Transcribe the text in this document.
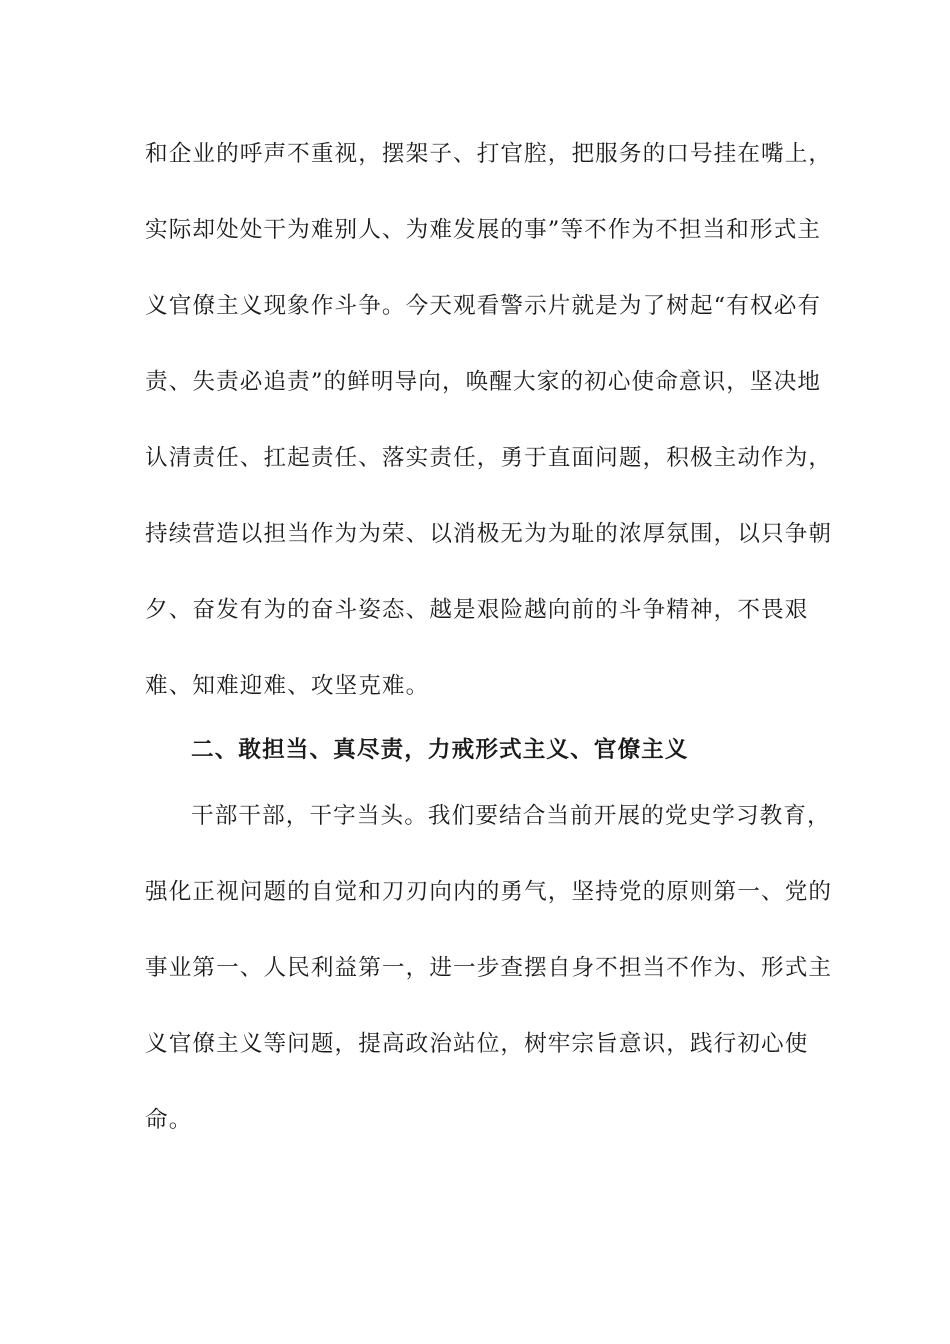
和企业的呼声不重视，摆架子、打官腔，把服务的口号挂在嘴上，
实际却处处干为难别人、为难发展的事”等不作为不担当和形式主
义官僚主义现象作斗争。今天观看警示片就是为了树起“有权必有
责、失责必追责”的鲜明导向，唤醒大家的初心使命意识，坚决地
认清责任、扛起责任、落实责任，勇于直面问题，积极主动作为，
持续营造以担当作为为荣、以消极无为为耻的浓厚氛围，以只争朝
夕、奋发有为的奋斗姿态、越是艰险越向前的斗争精神，不畏艰
难、知难迎难、攻坚克难。
二、敢担当、真尽责，力戒形式主义、官僚主义
干部干部，干字当头。我们要结合当前开展的党史学习教育，
强化正视问题的自觉和刀刃向内的勇气，坚持党的原则第一、党的
事业第一、人民利益第一，进一步查摆自身不担当不作为、形式主
义官僚主义等问题，提高政治站位，树牢宗旨意识，践行初心使
命。
